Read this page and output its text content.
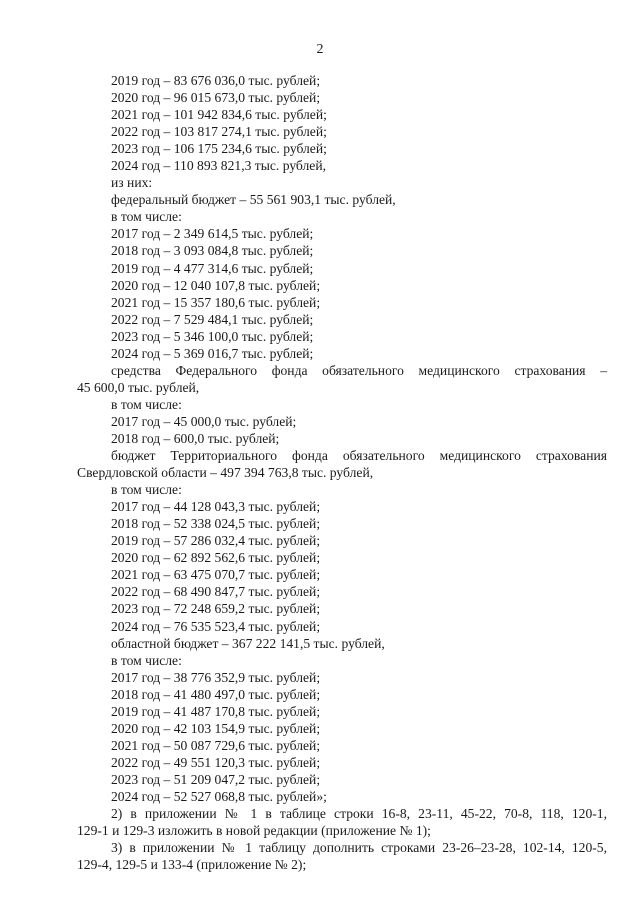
2
2019 год – 83 676 036,0 тыс. рублей;
2020 год – 96 015 673,0 тыс. рублей;
2021 год – 101 942 834,6 тыс. рублей;
2022 год – 103 817 274,1 тыс. рублей;
2023 год – 106 175 234,6 тыс. рублей;
2024 год – 110 893 821,3 тыс. рублей,
из них:
федеральный бюджет – 55 561 903,1 тыс. рублей,
в том числе:
2017 год – 2 349 614,5 тыс. рублей;
2018 год – 3 093 084,8 тыс. рублей;
2019 год – 4 477 314,6 тыс. рублей;
2020 год – 12 040 107,8 тыс. рублей;
2021 год – 15 357 180,6 тыс. рублей;
2022 год – 7 529 484,1 тыс. рублей;
2023 год – 5 346 100,0 тыс. рублей;
2024 год – 5 369 016,7 тыс. рублей;
средства Федерального фонда обязательного медицинского страхования –
45 600,0 тыс. рублей,
в том числе:
2017 год – 45 000,0 тыс. рублей;
2018 год – 600,0 тыс. рублей;
бюджет Территориального фонда обязательного медицинского страхования
Свердловской области – 497 394 763,8 тыс. рублей,
в том числе:
2017 год – 44 128 043,3 тыс. рублей;
2018 год – 52 338 024,5 тыс. рублей;
2019 год – 57 286 032,4 тыс. рублей;
2020 год – 62 892 562,6 тыс. рублей;
2021 год – 63 475 070,7 тыс. рублей;
2022 год – 68 490 847,7 тыс. рублей;
2023 год – 72 248 659,2 тыс. рублей;
2024 год – 76 535 523,4 тыс. рублей;
областной бюджет – 367 222 141,5 тыс. рублей,
в том числе:
2017 год – 38 776 352,9 тыс. рублей;
2018 год – 41 480 497,0 тыс. рублей;
2019 год – 41 487 170,8 тыс. рублей;
2020 год – 42 103 154,9 тыс. рублей;
2021 год – 50 087 729,6 тыс. рублей;
2022 год – 49 551 120,3 тыс. рублей;
2023 год – 51 209 047,2 тыс. рублей;
2024 год – 52 527 068,8 тыс. рублей»;
2) в приложении № 1 в таблице строки 16-8, 23-11, 45-22, 70-8, 118, 120-1,
129-1 и 129-3 изложить в новой редакции (приложение № 1);
3) в приложении № 1 таблицу дополнить строками 23-26–23-28, 102-14, 120-5,
129-4, 129-5 и 133-4 (приложение № 2);
